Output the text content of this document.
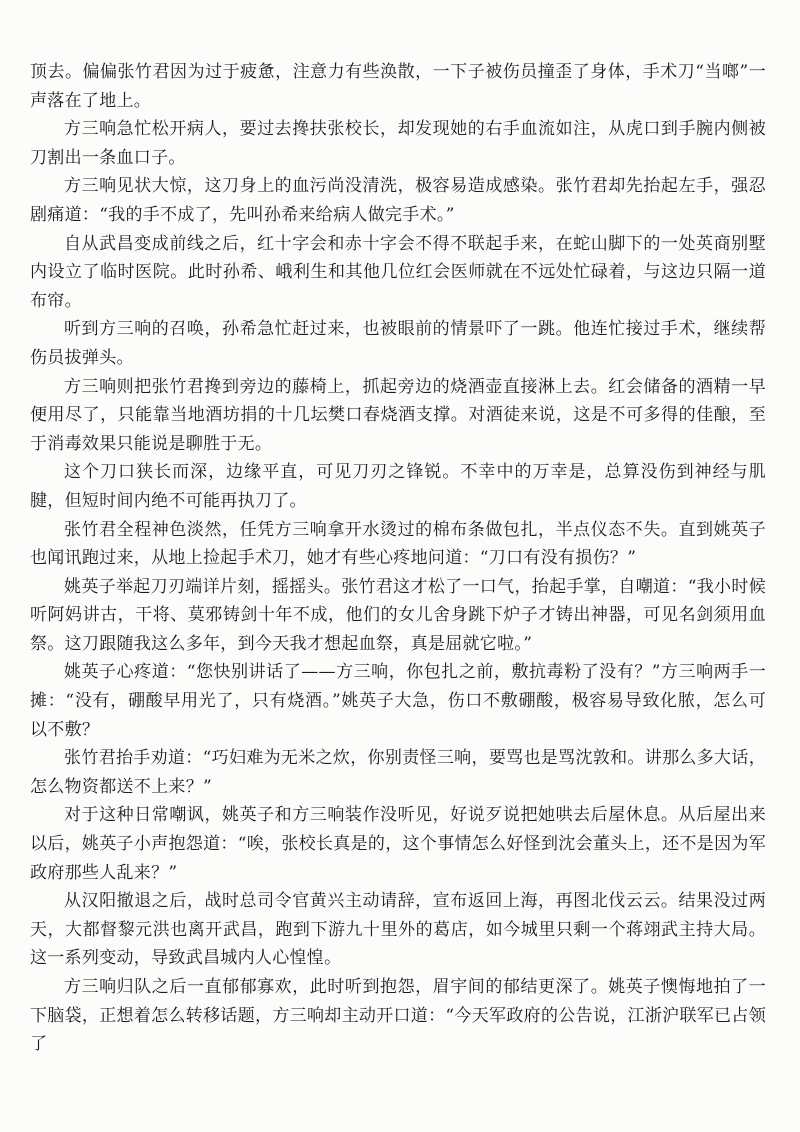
顶去。偏偏张竹君因为过于疲惫，注意力有些涣散，一下子被伤员撞歪了身体，手术刀“当啷”一声落在了地上。

方三响急忙松开病人，要过去搀扶张校长，却发现她的右手血流如注，从虎口到手腕内侧被刀割出一条血口子。

方三响见状大惊，这刀身上的血污尚没清洗，极容易造成感染。张竹君却先抬起左手，强忍剧痛道：“我的手不成了，先叫孙希来给病人做完手术。”

自从武昌变成前线之后，红十字会和赤十字会不得不联起手来，在蛇山脚下的一处英商别墅内设立了临时医院。此时孙希、峨利生和其他几位红会医师就在不远处忙碌着，与这边只隔一道布帘。

听到方三响的召唤，孙希急忙赶过来，也被眼前的情景吓了一跳。他连忙接过手术，继续帮伤员拔弹头。

方三响则把张竹君搀到旁边的藤椅上，抓起旁边的烧酒壶直接淋上去。红会储备的酒精一早便用尽了，只能靠当地酒坊捐的十几坛樊口春烧酒支撑。对酒徒来说，这是不可多得的佳酿，至于消毒效果只能说是聊胜于无。

这个刀口狭长而深，边缘平直，可见刀刃之锋锐。不幸中的万幸是，总算没伤到神经与肌腱，但短时间内绝不可能再执刀了。

张竹君全程神色淡然，任凭方三响拿开水烫过的棉布条做包扎，半点仪态不失。直到姚英子也闻讯跑过来，从地上捡起手术刀，她才有些心疼地问道：“刀口有没有损伤？”

姚英子举起刀刃端详片刻，摇摇头。张竹君这才松了一口气，抬起手掌，自嘲道：“我小时候听阿妈讲古，干将、莫邪铸剑十年不成，他们的女儿舍身跳下炉子才铸出神器，可见名剑须用血祭。这刀跟随我这么多年，到今天我才想起血祭，真是屈就它啦。”

姚英子心疼道：“您快别讲话了——方三响，你包扎之前，敷抗毒粉了没有？”方三响两手一摊：“没有，硼酸早用光了，只有烧酒。”姚英子大急，伤口不敷硼酸，极容易导致化脓，怎么可以不敷？

张竹君抬手劝道：“巧妇难为无米之炊，你别责怪三响，要骂也是骂沈敦和。讲那么多大话，怎么物资都送不上来？”

对于这种日常嘲讽，姚英子和方三响装作没听见，好说歹说把她哄去后屋休息。从后屋出来以后，姚英子小声抱怨道：“唉，张校长真是的，这个事情怎么好怪到沈会董头上，还不是因为军政府那些人乱来？”

从汉阳撤退之后，战时总司令官黄兴主动请辞，宣布返回上海，再图北伐云云。结果没过两天，大都督黎元洪也离开武昌，跑到下游九十里外的葛店，如今城里只剩一个蒋翊武主持大局。这一系列变动，导致武昌城内人心惶惶。

方三响归队之后一直郁郁寡欢，此时听到抱怨，眉宇间的郁结更深了。姚英子懊悔地拍了一下脑袋，正想着怎么转移话题，方三响却主动开口道：“今天军政府的公告说，江浙沪联军已占领了
